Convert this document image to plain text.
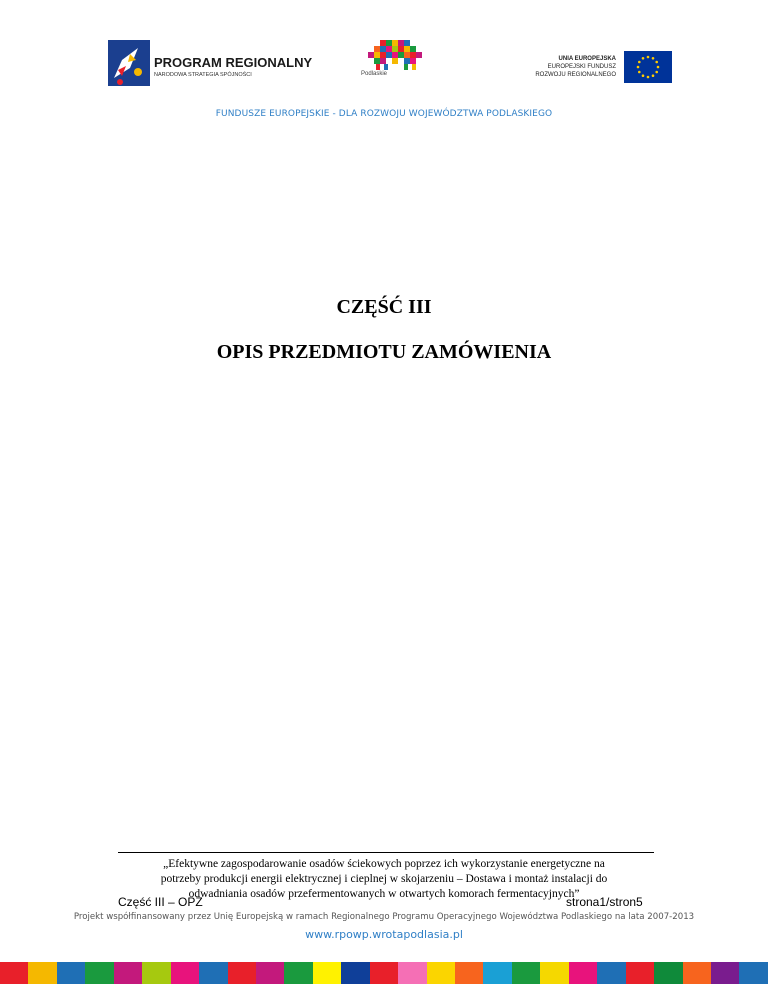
PROGRAM REGIONALNY
NARODOWA STRATEGIA SPÓJNOŚCI	Podlaskie
UNIA EUROPEJSKA
EUROPEJSKI FUNDUSZ
ROZWOJU REGIONALNEGO
FUNDUSZE EUROPEJSKIE - DLA ROZWOJU WOJEWÓDZTWA PODLASKIEGO
CZĘŚĆ III
OPIS PRZEDMIOTU ZAMÓWIENIA
„Efektywne zagospodarowanie osadów ściekowych poprzez ich wykorzystanie energetyczne na
potrzeby produkcji energii elektrycznej i cieplnej w skojarzeniu – Dostawa i montaż instalacji do
odwadniania osadów przefermentowanych w otwartych komorach fermentacyjnych”
Część III – OPZ	strona1/stron5
Projekt współfinansowany przez Unię Europejską w ramach Regionalnego Programu Operacyjnego Województwa Podlaskiego na lata 2007-2013
www.rpowp.wrotapodlasia.pl
